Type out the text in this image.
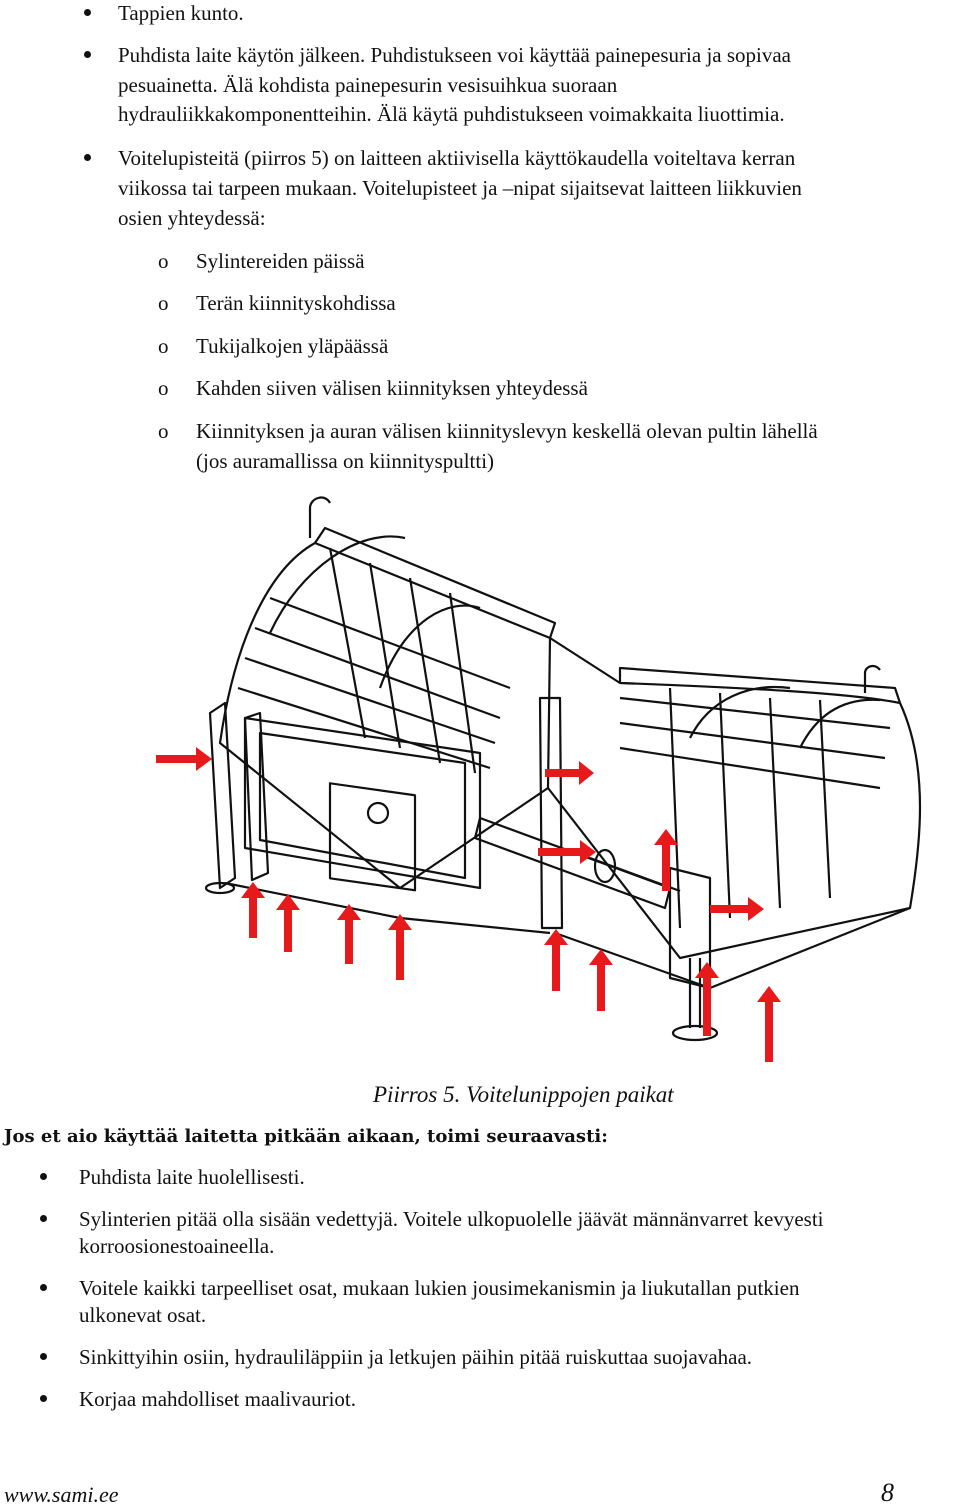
Tappien kunto.
Puhdista laite käytön jälkeen. Puhdistukseen voi käyttää painepesuria ja sopivaa
pesuainetta. Älä kohdista painepesurin vesisuihkua suoraan
hydrauliikkakomponentteihin. Älä käytä puhdistukseen voimakkaita liuottimia.
Voitelupisteitä (piirros 5) on laitteen aktiivisella käyttökaudella voiteltava kerran
viikossa tai tarpeen mukaan. Voitelupisteet ja –nipat sijaitsevat laitteen liikkuvien
osien yhteydessä:
o Sylintereiden päissä
o Terän kiinnityskohdissa
o Tukijalkojen yläpäässä
o Kahden siiven välisen kiinnityksen yhteydessä
o Kiinnityksen ja auran välisen kiinnityslevyn keskellä olevan pultin lähellä
(jos auramallissa on kiinnityspultti)
Piirros 5. Voitelunippojen paikat
Jos et aio käyttää laitetta pitkään aikaan, toimi seuraavasti:
Puhdista laite huolellisesti.
Sylinterien pitää olla sisään vedettyjä. Voitele ulkopuolelle jäävät männänvarret kevyesti
korroosionestoaineella.
Voitele kaikki tarpeelliset osat, mukaan lukien jousimekanismin ja liukutallan putkien
ulkonevat osat.
Sinkittyihin osiin, hydrauliläppiin ja letkujen päihin pitää ruiskuttaa suojavahaa.
Korjaa mahdolliset maalivauriot.
www.sami.ee	8
